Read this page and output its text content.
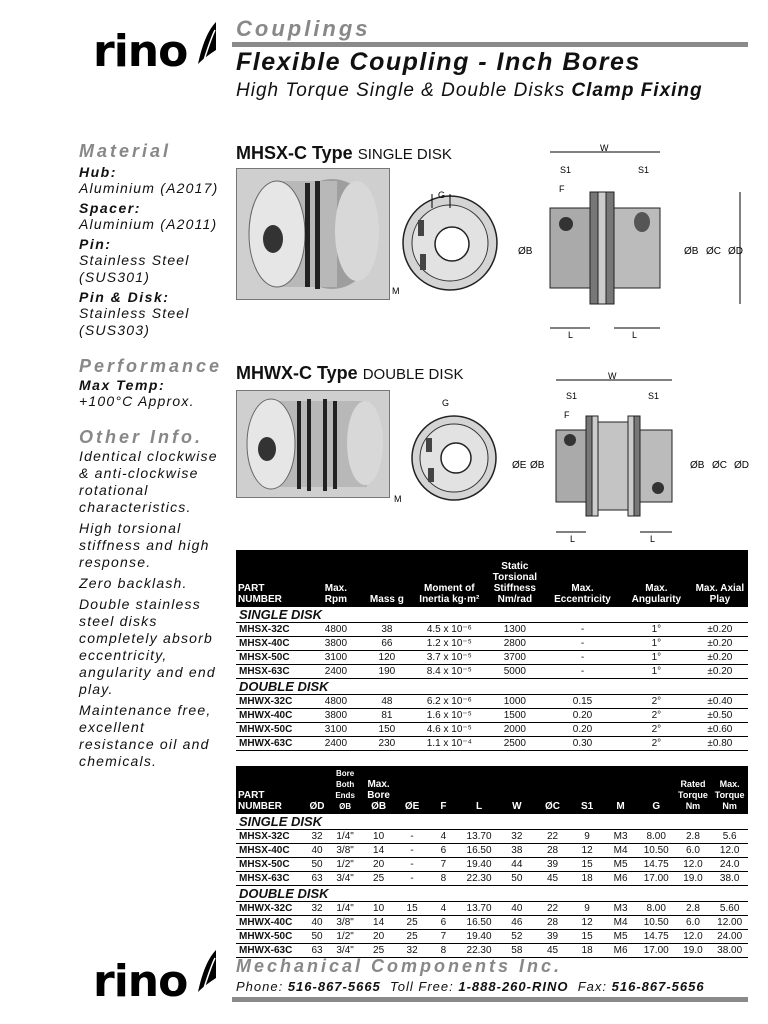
rino Couplings
Flexible Coupling - Inch Bores
High Torque Single & Double Disks Clamp Fixing
Material
Hub:
Aluminium (A2017)
Spacer:
Aluminium (A2011)
Pin:
Stainless Steel
(SUS301)
Pin & Disk:
Stainless Steel
(SUS303)
Performance
Max Temp:
+100°C Approx.
Other Info.
Identical clockwise & anti-clockwise rotational characteristics.
High torsional stiffness and high response.
Zero backlash.
Double stainless steel disks completely absorb eccentricity, angularity and end play.
Maintenance free, excellent resistance oil and chemicals.
MHSX-C Type SINGLE DISK
G
M
W
S1	S1
F
L	L
ØB	ØB ØC ØD
MHWX-C Type DOUBLE DISK
G
M
W
S1	S1
F
L	L
ØE ØB	ØB ØC ØD
PART NUMBER	Max. Rpm	Mass g	Moment of Inertia kg·m²	Static Torsional Stiffness Nm/rad	Max. Eccentricity	Max. Angularity	Max. Axial Play
SINGLE DISK							
MHSX-32C	4800	38	4.5 x 10⁻⁶	1300	-	1°	±0.20
MHSX-40C	3800	66	1.2 x 10⁻⁵	2800	-	1°	±0.20
MHSX-50C	3100	120	3.7 x 10⁻⁵	3700	-	1°	±0.20
MHSX-63C	2400	190	8.4 x 10⁻⁵	5000	-	1°	±0.20
DOUBLE DISK							
MHWX-32C	4800	48	6.2 x 10⁻⁶	1000	0.15	2°	±0.40
MHWX-40C	3800	81	1.6 x 10⁻⁵	1500	0.20	2°	±0.50
MHWX-50C	3100	150	4.6 x 10⁻⁵	2000	0.20	2°	±0.60
MHWX-63C	2400	230	1.1 x 10⁻⁴	2500	0.30	2°	±0.80
PART NUMBER	ØD	Bore Both Ends ØB	Max. Bore ØB	ØE	F	L	W	ØC	S1	M	G	Rated Torque Nm	Max. Torque Nm
SINGLE DISK													
MHSX-32C	32	1/4"	10	-	4	13.70	32	22	9	M3	8.00	2.8	5.6
MHSX-40C	40	3/8"	14	-	6	16.50	38	28	12	M4	10.50	6.0	12.0
MHSX-50C	50	1/2"	20	-	7	19.40	44	39	15	M5	14.75	12.0	24.0
MHSX-63C	63	3/4"	25	-	8	22.30	50	45	18	M6	17.00	19.0	38.0
DOUBLE DISK													
MHWX-32C	32	1/4"	10	15	4	13.70	40	22	9	M3	8.00	2.8	5.60
MHWX-40C	40	3/8"	14	25	6	16.50	46	28	12	M4	10.50	6.0	12.00
MHWX-50C	50	1/2"	20	25	7	19.40	52	39	15	M5	14.75	12.0	24.00
MHWX-63C	63	3/4"	25	32	8	22.30	58	45	18	M6	17.00	19.0	38.00
rino	Mechanical Components Inc.
Phone: 516-867-5665 Toll Free: 1-888-260-RINO Fax: 516-867-5656
